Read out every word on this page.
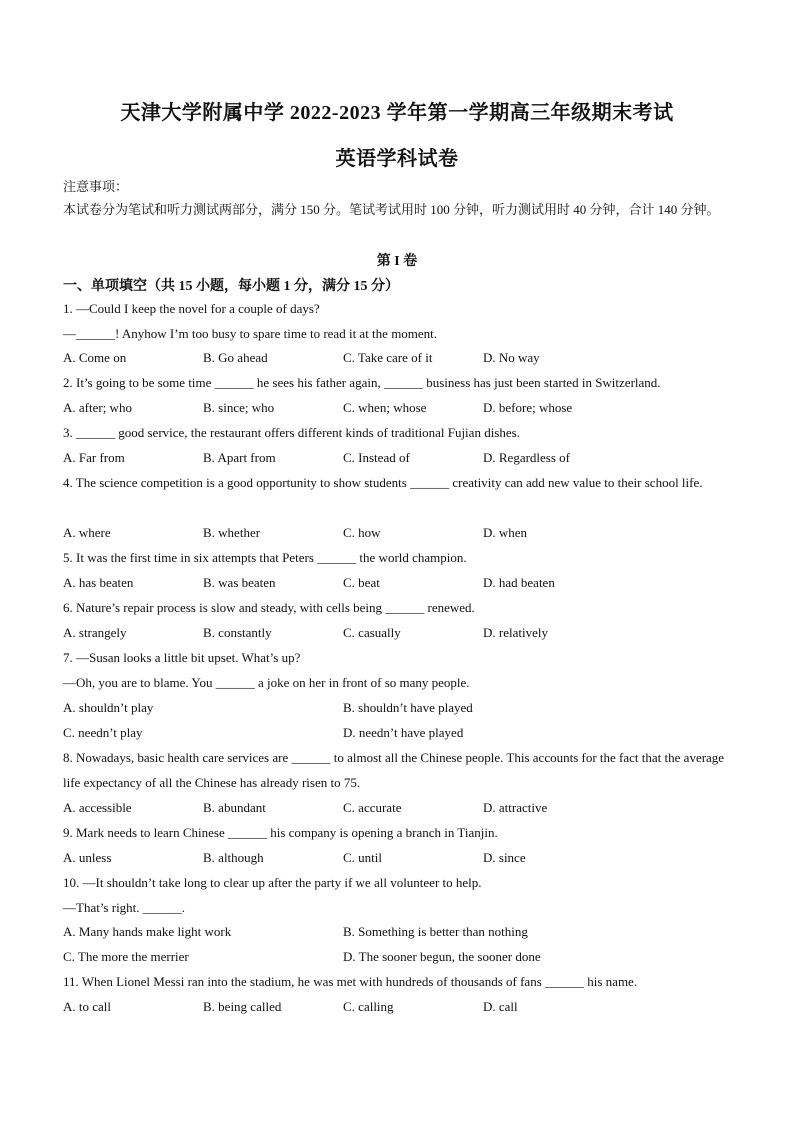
天津大学附属中学 2022-2023 学年第一学期高三年级期末考试
英语学科试卷
注意事项：
本试卷分为笔试和听力测试两部分，满分 150 分。笔试考试用时 100 分钟，听力测试用时 40 分钟，合计 140 分钟。
第 I 卷
一、单项填空（共 15 小题，每小题 1 分，满分 15 分）
1. —Could I keep the novel for a couple of days?
—______! Anyhow I’m too busy to spare time to read it at the moment.
A. Come on	B. Go ahead	C. Take care of it	D. No way
2. It’s going to be some time ______ he sees his father again, ______ business has just been started in Switzerland.
A. after; who	B. since; who	C. when; whose	D. before; whose
3. ______ good service, the restaurant offers different kinds of traditional Fujian dishes.
A. Far from	B. Apart from	C. Instead of	D. Regardless of
4. The science competition is a good opportunity to show students ______ creativity can add new value to their school life.
A. where	B. whether	C. how	D. when
5. It was the first time in six attempts that Peters ______ the world champion.
A. has beaten	B. was beaten	C. beat	D. had beaten
6. Nature’s repair process is slow and steady, with cells being ______ renewed.
A. strangely	B. constantly	C. casually	D. relatively
7. —Susan looks a little bit upset. What’s up?
—Oh, you are to blame. You ______ a joke on her in front of so many people.
A. shouldn’t play	B. shouldn’t have played
C. needn’t play	D. needn’t have played
8. Nowadays, basic health care services are ______ to almost all the Chinese people. This accounts for the fact that the average life expectancy of all the Chinese has already risen to 75.
A. accessible	B. abundant	C. accurate	D. attractive
9. Mark needs to learn Chinese ______ his company is opening a branch in Tianjin.
A. unless	B. although	C. until	D. since
10. —It shouldn’t take long to clear up after the party if we all volunteer to help.
—That’s right. ______.
A. Many hands make light work	B. Something is better than nothing
C. The more the merrier	D. The sooner begun, the sooner done
11. When Lionel Messi ran into the stadium, he was met with hundreds of thousands of fans ______ his name.
A. to call	B. being called	C. calling	D. call
